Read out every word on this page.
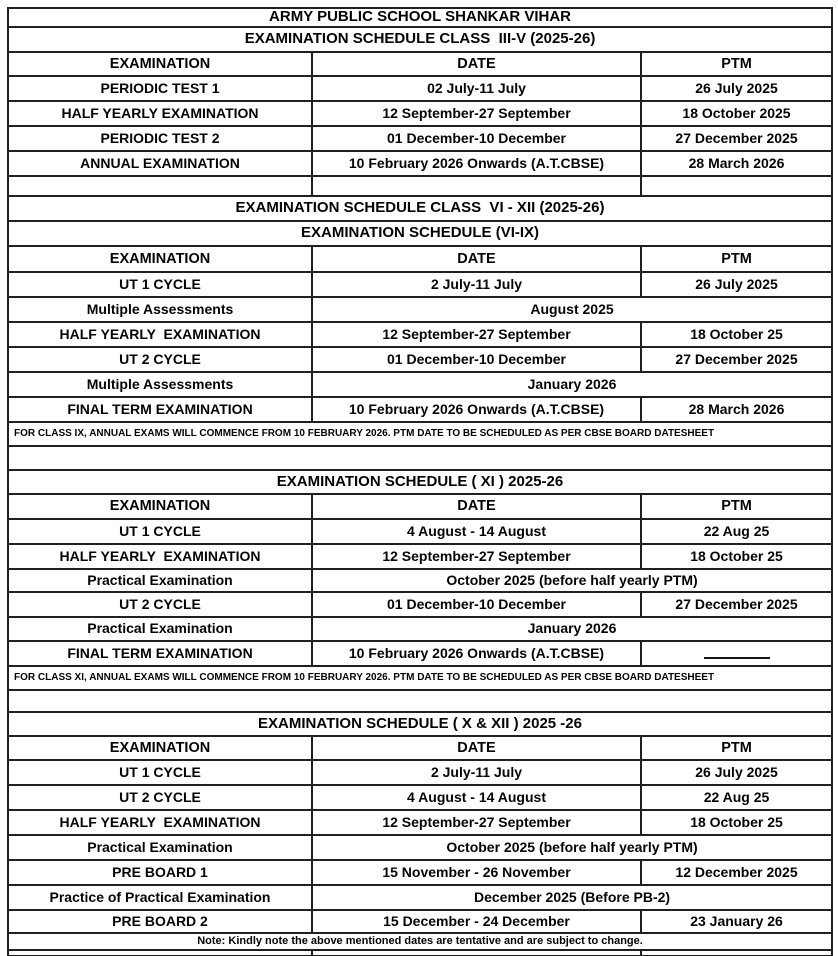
ARMY PUBLIC SCHOOL SHANKAR VIHAR		
EXAMINATION SCHEDULE CLASS  III-V (2025-26)		
EXAMINATION	DATE	PTM
PERIODIC TEST 1	02 July-11 July	26 July 2025
HALF YEARLY EXAMINATION	12 September-27 September	18 October 2025
PERIODIC TEST 2	01 December-10 December	27 December 2025
ANNUAL EXAMINATION	10 February 2026 Onwards (A.T.CBSE)	28 March 2026

EXAMINATION SCHEDULE CLASS  VI - XII (2025-26)		
EXAMINATION SCHEDULE (VI-IX)		
EXAMINATION	DATE	PTM
UT 1 CYCLE	2 July-11 July	26 July 2025
Multiple Assessments	August 2025	
HALF YEARLY  EXAMINATION	12 September-27 September	18 October 25
UT 2 CYCLE	01 December-10 December	27 December 2025
Multiple Assessments	January 2026	
FINAL TERM EXAMINATION	10 February 2026 Onwards (A.T.CBSE)	28 March 2026
FOR CLASS IX, ANNUAL EXAMS WILL COMMENCE FROM 10 FEBRUARY 2026. PTM DATE TO BE SCHEDULED AS PER CBSE BOARD DATESHEET		

EXAMINATION SCHEDULE ( XI ) 2025-26		
EXAMINATION	DATE	PTM
UT 1 CYCLE	4 August - 14 August	22 Aug 25
HALF YEARLY  EXAMINATION	12 September-27 September	18 October 25
Practical Examination	October 2025 (before half yearly PTM)	
UT 2 CYCLE	01 December-10 December	27 December 2025
Practical Examination	January 2026	
FINAL TERM EXAMINATION	10 February 2026 Onwards (A.T.CBSE)	
FOR CLASS XI, ANNUAL EXAMS WILL COMMENCE FROM 10 FEBRUARY 2026. PTM DATE TO BE SCHEDULED AS PER CBSE BOARD DATESHEET		

EXAMINATION SCHEDULE ( X & XII ) 2025 -26		
EXAMINATION	DATE	PTM
UT 1 CYCLE	2 July-11 July	26 July 2025
UT 2 CYCLE	4 August - 14 August	22 Aug 25
HALF YEARLY  EXAMINATION	12 September-27 September	18 October 25
Practical Examination	October 2025 (before half yearly PTM)	
PRE BOARD 1	15 November - 26 November	12 December 2025
Practice of Practical Examination	December 2025 (Before PB-2)	
PRE BOARD 2	15 December - 24 December	23 January 26
Note: Kindly note the above mentioned dates are tentative and are subject to change.		
